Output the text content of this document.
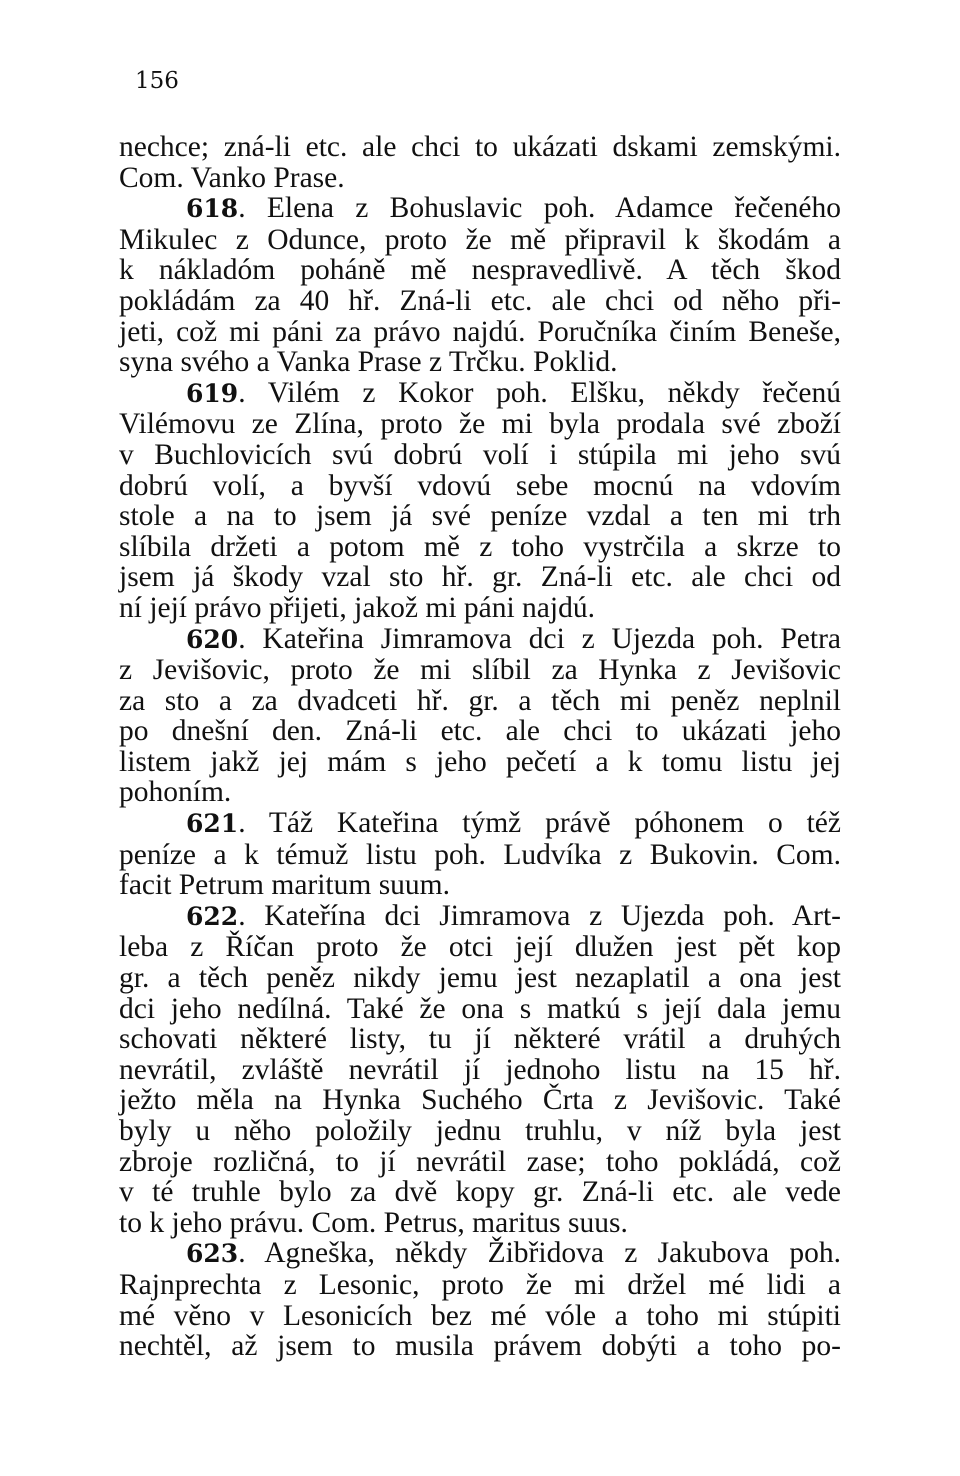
156
nechce; zná-li etc. ale chci to ukázati dskami zemskými.
Com. Vanko Prase.
618. Elena z Bohuslavic poh. Adamce řečeného
Mikulec z Odunce, proto že mě připravil k škodám a
k nákladóm poháně mě nespravedlivě. A těch škod
pokládám za 40 hř. Zná-li etc. ale chci od něho při-
jeti, což mi páni za právo najdú. Poručníka činím Beneše,
syna svého a Vanka Prase z Trčku. Poklid.
619. Vilém z Kokor poh. Elšku, někdy řečenú
Vilémovu ze Zlína, proto že mi byla prodala své zboží
v Buchlovicích svú dobrú volí i stúpila mi jeho svú
dobrú volí, a byvší vdovú sebe mocnú na vdovím
stole a na to jsem já své peníze vzdal a ten mi trh
slíbila držeti a potom mě z toho vystrčila a skrze to
jsem já škody vzal sto hř. gr. Zná-li etc. ale chci od
ní její právo přijeti, jakož mi páni najdú.
620. Kateřina Jimramova dci z Ujezda poh. Petra
z Jevišovic, proto že mi slíbil za Hynka z Jevišovic
za sto a za dvadceti hř. gr. a těch mi peněz neplnil
po dnešní den. Zná-li etc. ale chci to ukázati jeho
listem jakž jej mám s jeho pečetí a k tomu listu jej
pohoním.
621. Táž Kateřina týmž právě póhonem o též
peníze a k témuž listu poh. Ludvíka z Bukovin. Com.
facit Petrum maritum suum.
622. Kateřína dci Jimramova z Ujezda poh. Art-
leba z Říčan proto že otci její dlužen jest pět kop
gr. a těch peněz nikdy jemu jest nezaplatil a ona jest
dci jeho nedílná. Také že ona s matkú s její dala jemu
schovati některé listy, tu jí některé vrátil a druhých
nevrátil, zvláště nevrátil jí jednoho listu na 15 hř.
ježto měla na Hynka Suchého Črta z Jevišovic. Také
byly u něho položily jednu truhlu, v níž byla jest
zbroje rozličná, to jí nevrátil zase; toho pokládá, což
v té truhle bylo za dvě kopy gr. Zná-li etc. ale vede
to k jeho právu. Com. Petrus, maritus suus.
623. Agneška, někdy Žibřidova z Jakubova poh.
Rajnprechta z Lesonic, proto že mi držel mé lidi a
mé věno v Lesonicích bez mé vóle a toho mi stúpiti
nechtěl, až jsem to musila právem dobýti a toho po-
